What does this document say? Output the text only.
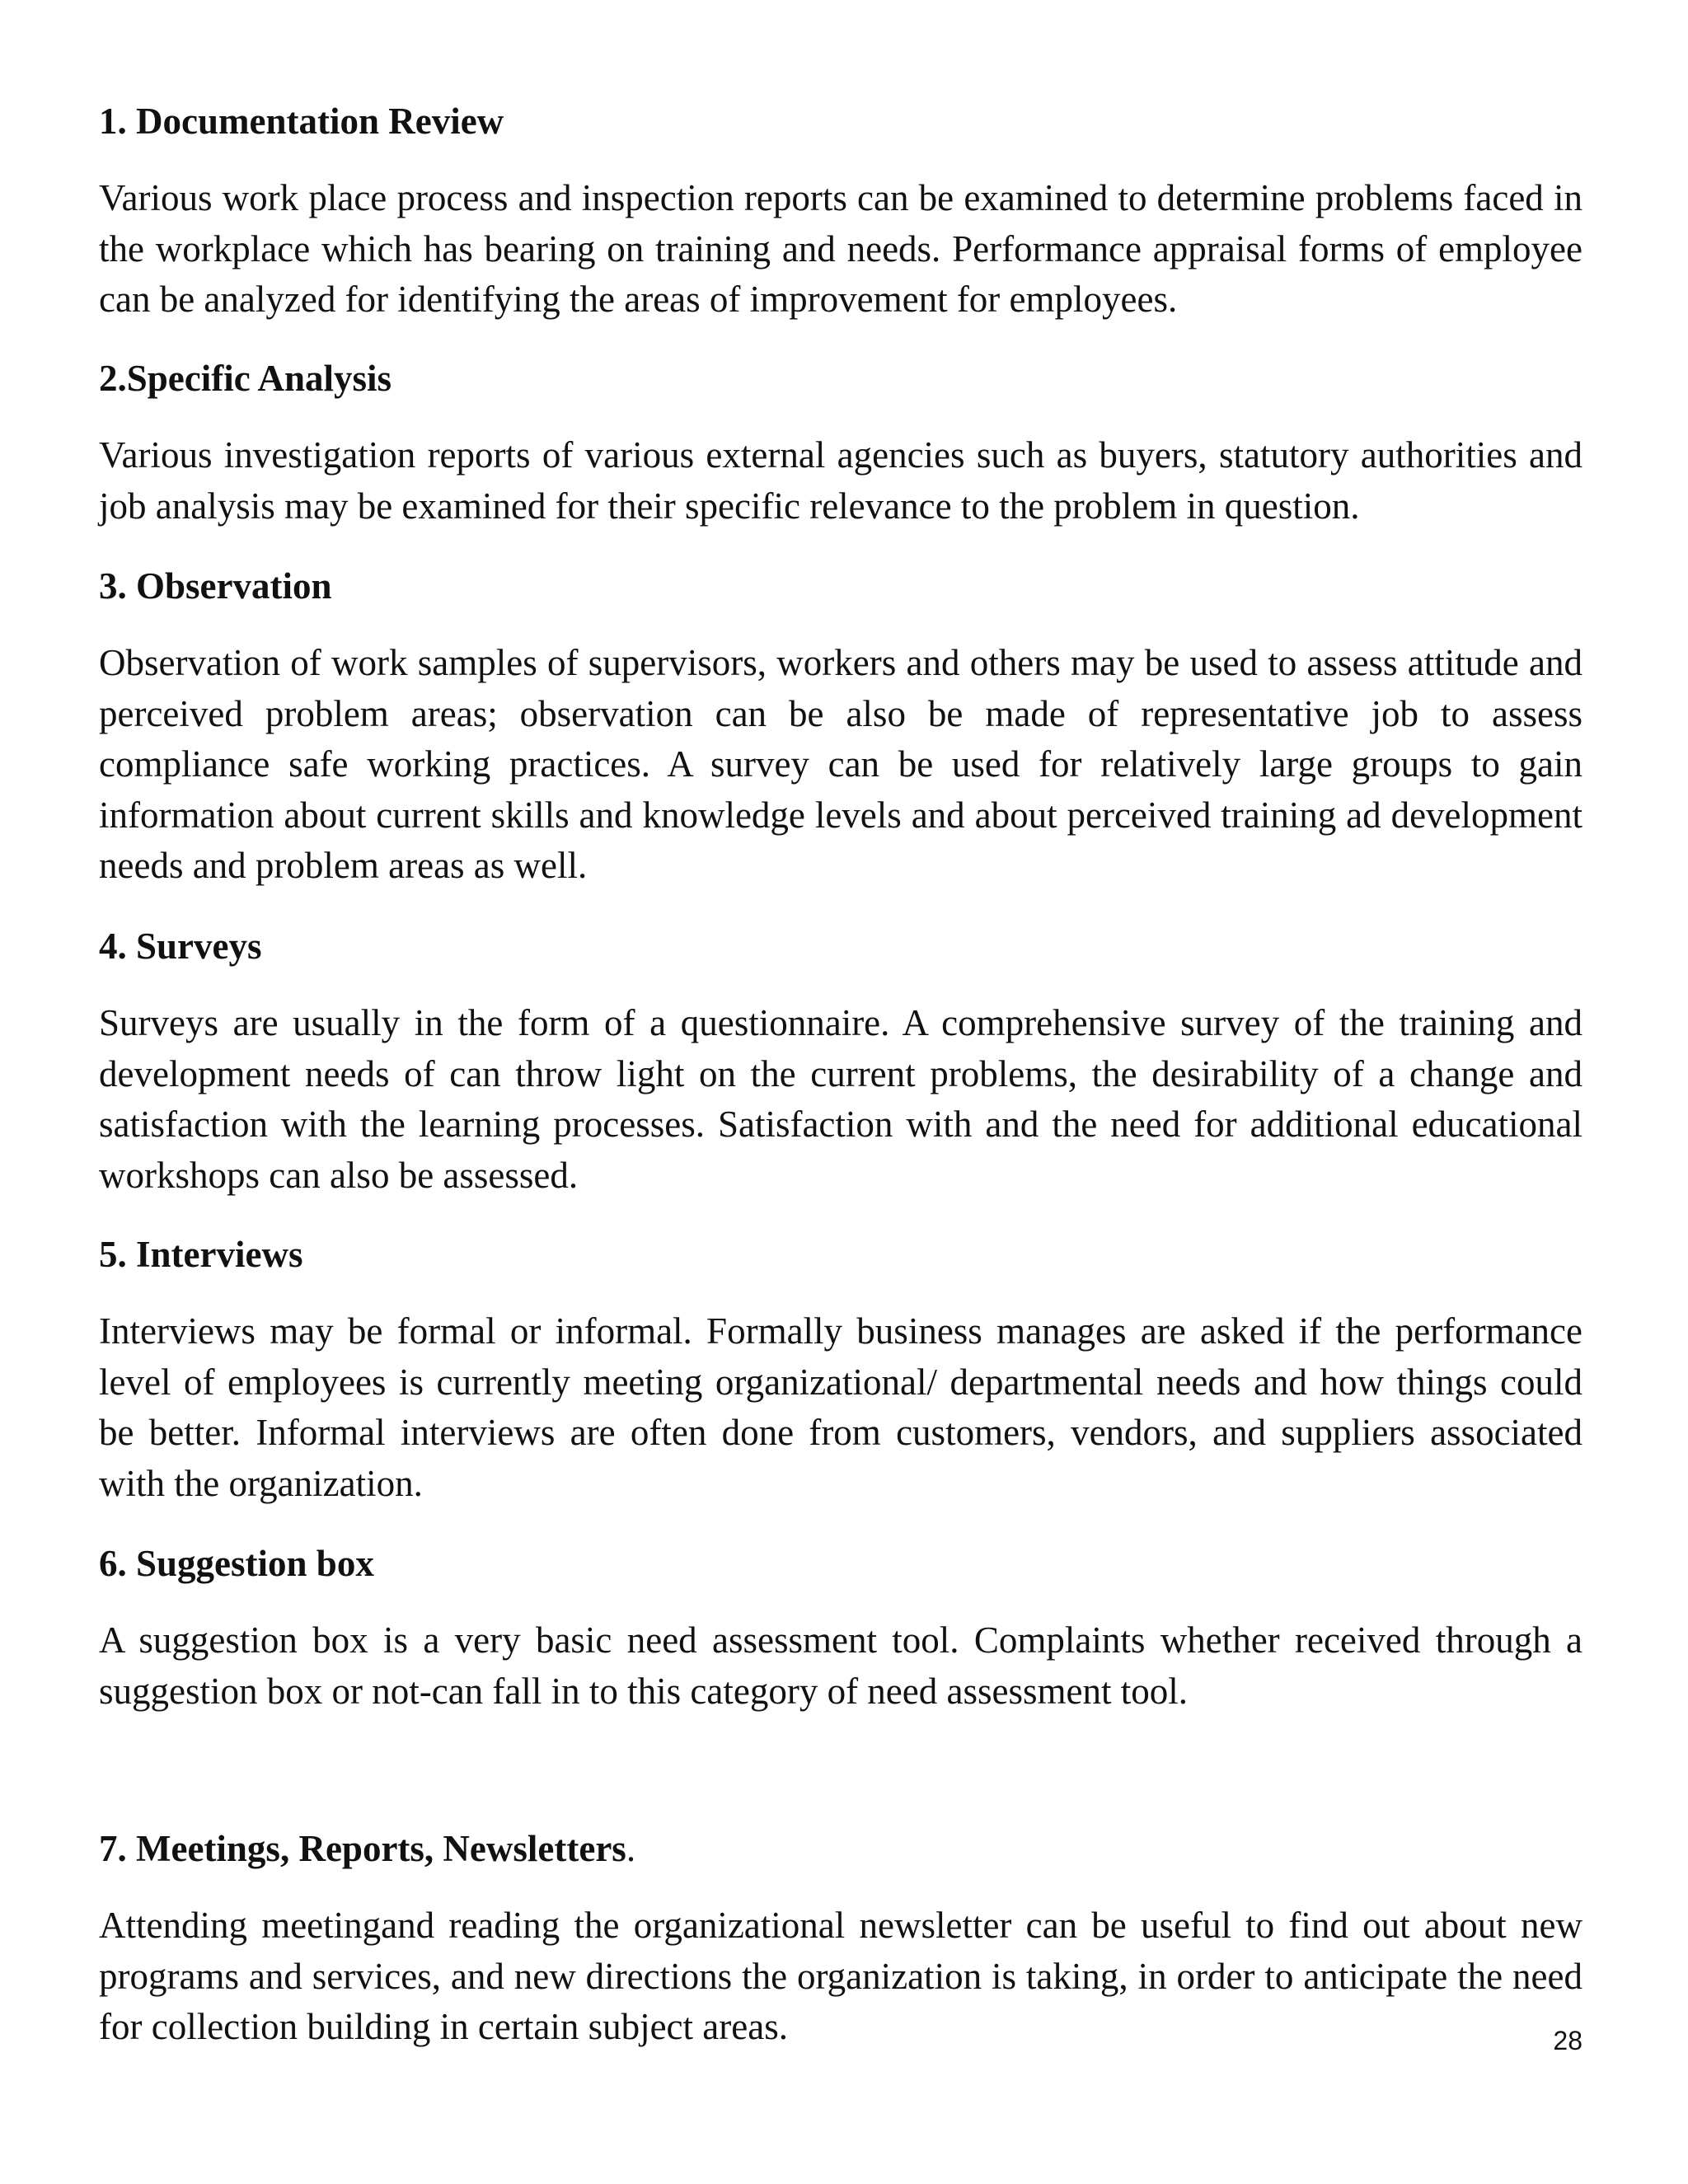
1. Documentation Review

Various work place process and inspection reports can be examined to determine problems faced in the workplace which has bearing on training and needs. Performance appraisal forms of employee can be analyzed for identifying the areas of improvement for employees.

2.Specific Analysis

Various investigation reports of various external agencies such as buyers, statutory authorities and job analysis may be examined for their specific relevance to the problem in question.

3. Observation

Observation of work samples of supervisors, workers and others may be used to assess attitude and perceived problem areas; observation can be also be made of representative job to assess compliance safe working practices. A survey can be used for relatively large groups to gain information about current skills and knowledge levels and about perceived training ad development needs and problem areas as well.

4. Surveys

Surveys are usually in the form of a questionnaire. A comprehensive survey of the training and development needs of can throw light on the current problems, the desirability of a change and satisfaction with the learning processes. Satisfaction with and the need for additional educational workshops can also be assessed.

5. Interviews

Interviews may be formal or informal. Formally business manages are asked if the performance level of employees is currently meeting organizational/ departmental needs and how things could be better. Informal interviews are often done from customers, vendors, and suppliers associated with the organization.

6. Suggestion box

A suggestion box is a very basic need assessment tool. Complaints whether received through a suggestion box or not-can fall in to this category of need assessment tool.

7. Meetings, Reports, Newsletters.

Attending meetingand reading the organizational newsletter can be useful to find out about new programs and services, and new directions the organization is taking, in order to anticipate the need for collection building in certain subject areas.	28
